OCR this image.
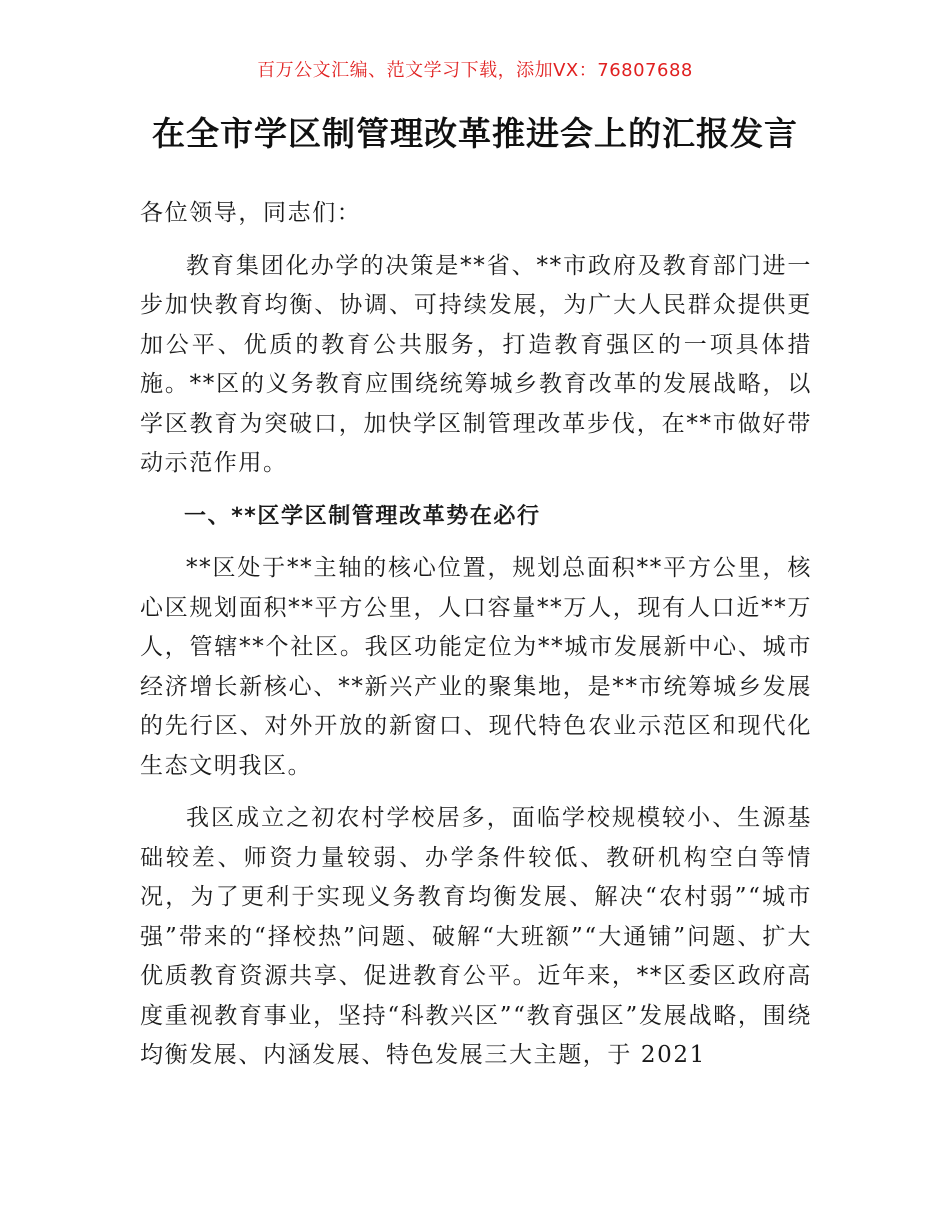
百万公文汇编、范文学习下载，添加VX：76807688
在全市学区制管理改革推进会上的汇报发言

各位领导，同志们：

教育集团化办学的决策是**省、**市政府及教育部门进一步加快教育均衡、协调、可持续发展，为广大人民群众提供更加公平、优质的教育公共服务，打造教育强区的一项具体措施。**区的义务教育应围绕统筹城乡教育改革的发展战略，以学区教育为突破口，加快学区制管理改革步伐，在**市做好带动示范作用。

一、**区学区制管理改革势在必行

**区处于**主轴的核心位置，规划总面积**平方公里，核心区规划面积**平方公里，人口容量**万人，现有人口近**万人，管辖**个社区。我区功能定位为**城市发展新中心、城市经济增长新核心、**新兴产业的聚集地，是**市统筹城乡发展的先行区、对外开放的新窗口、现代特色农业示范区和现代化生态文明我区。

我区成立之初农村学校居多，面临学校规模较小、生源基础较差、师资力量较弱、办学条件较低、教研机构空白等情况，为了更利于实现义务教育均衡发展、解决“农村弱”“城市强”带来的“择校热”问题、破解“大班额”“大通铺”问题、扩大优质教育资源共享、促进教育公平。近年来，**区委区政府高度重视教育事业，坚持“科教兴区”“教育强区”发展战略，围绕均衡发展、内涵发展、特色发展三大主题，于 2021
